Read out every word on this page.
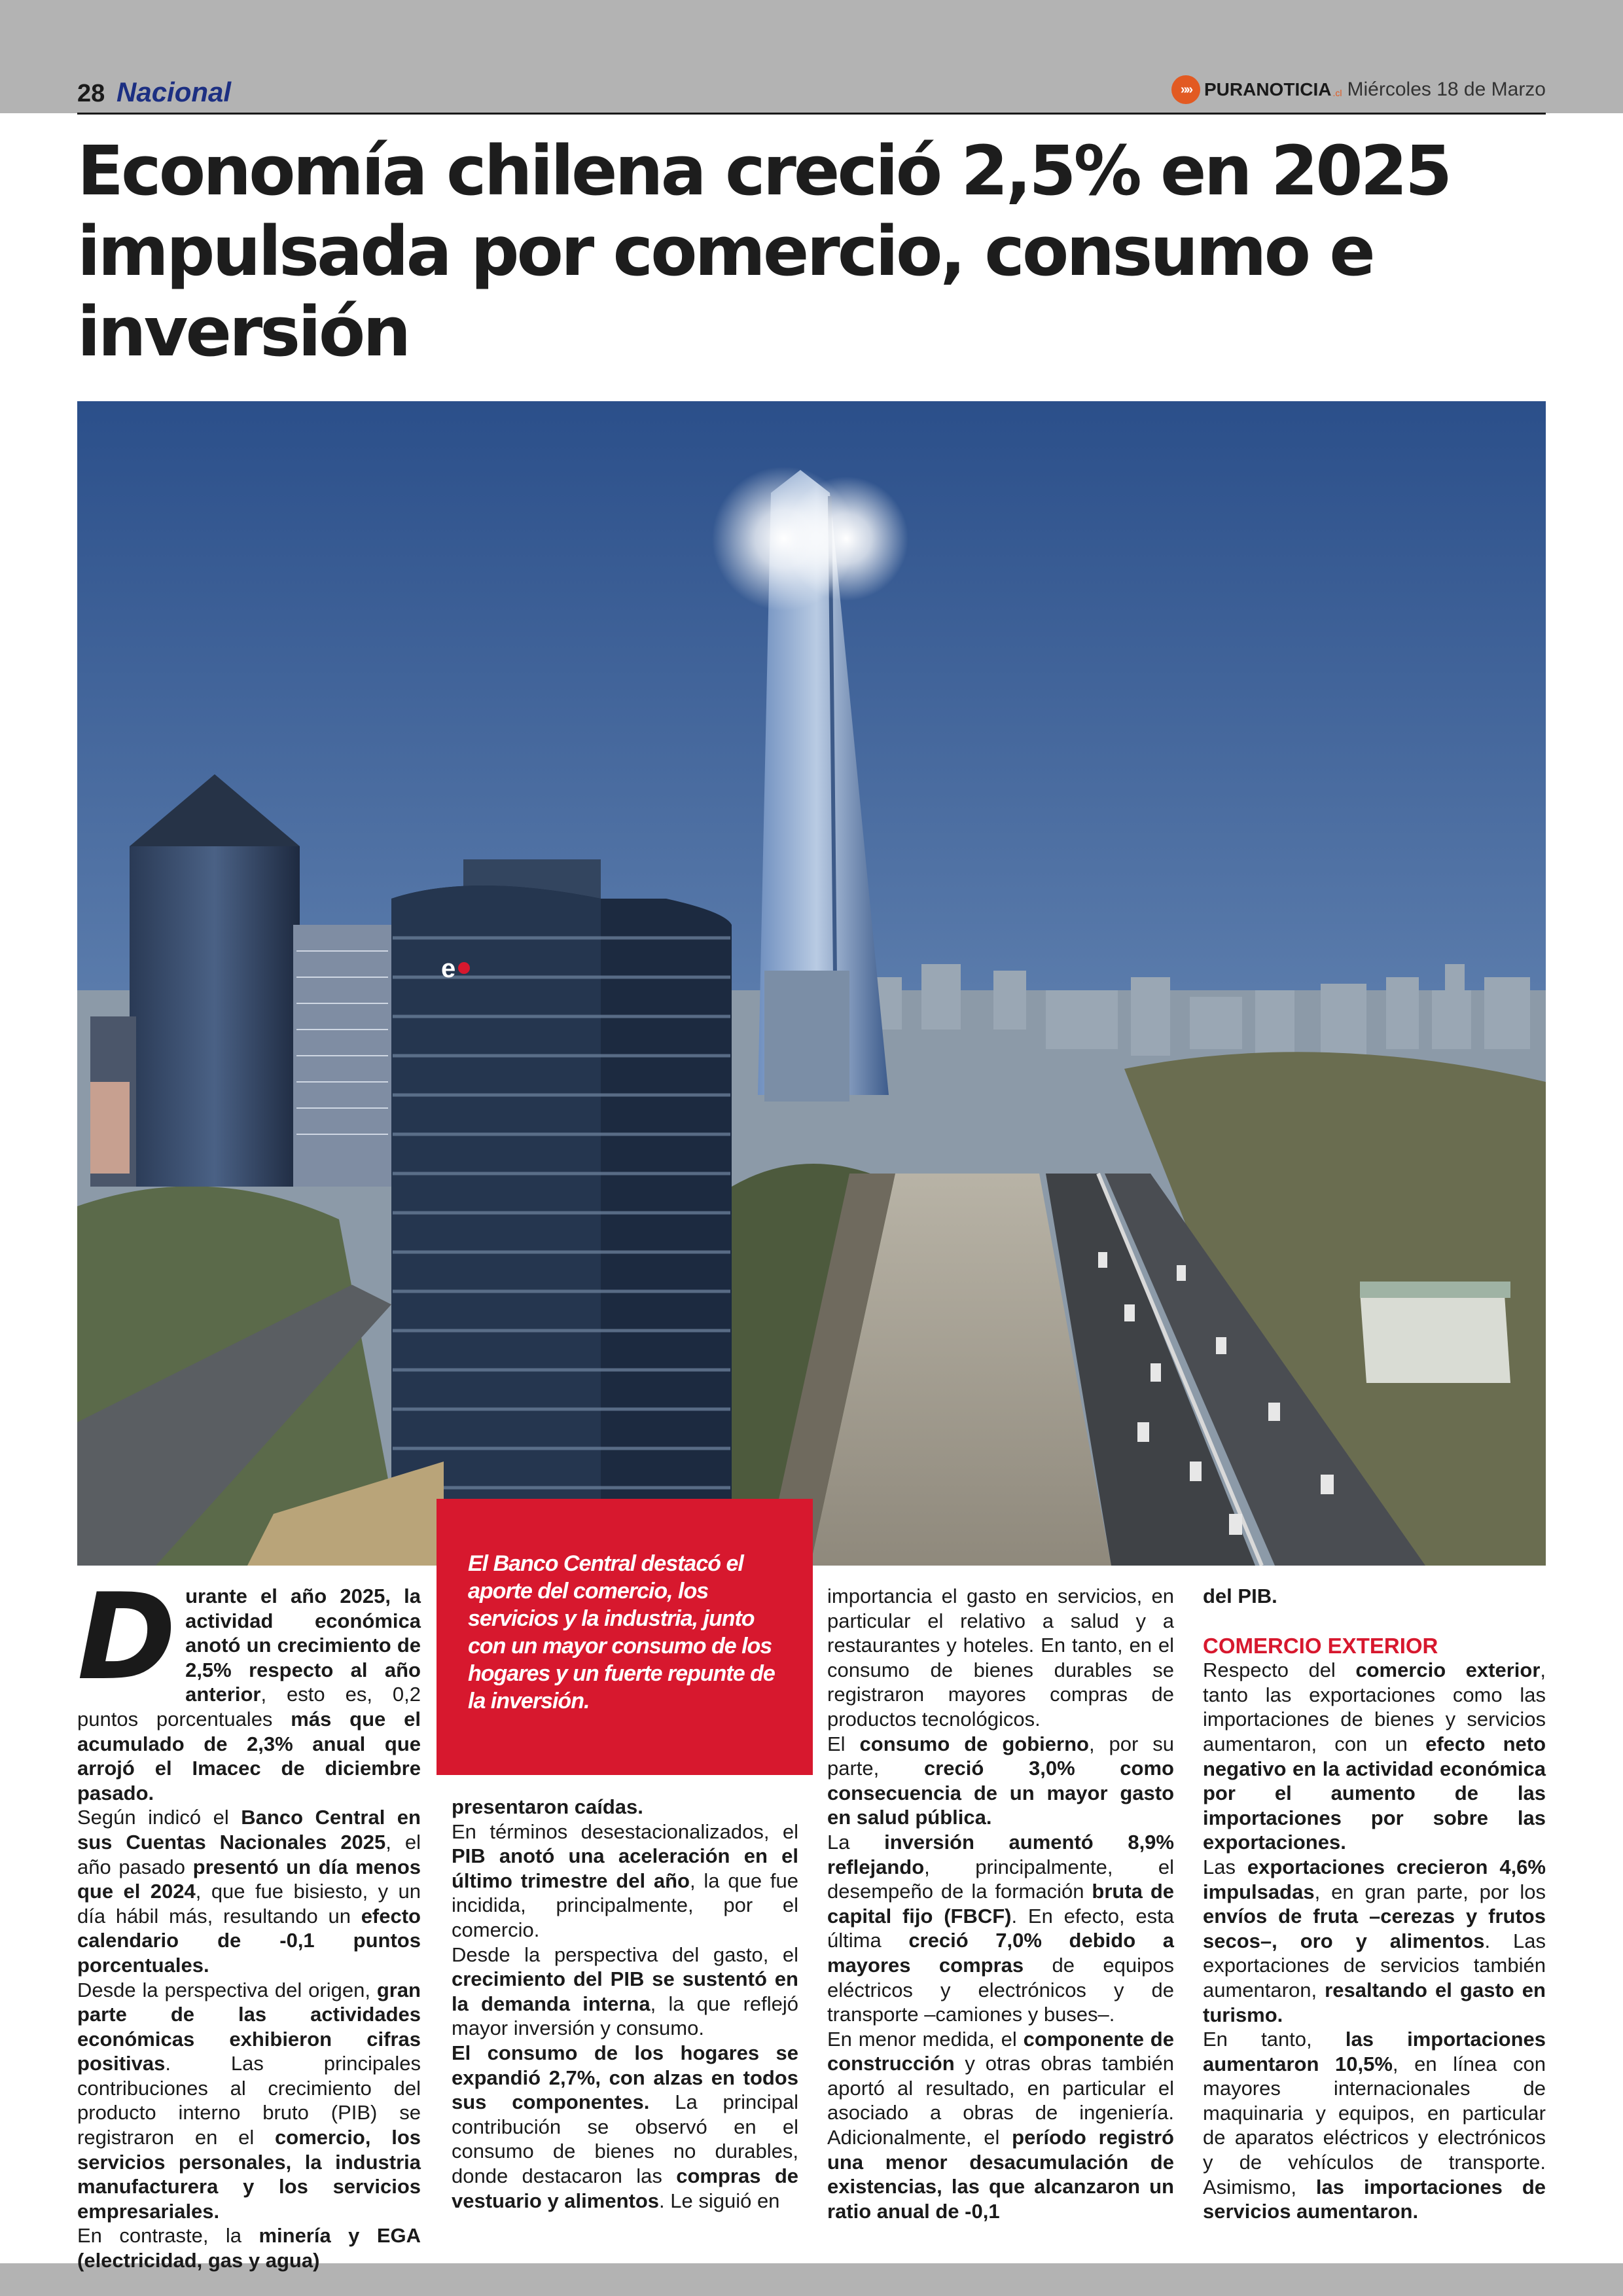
28 Nacional	»» PURANOTICIA .cl Miércoles 18 de Marzo
Economía chilena creció 2,5% en 2025 impulsada por comercio, consumo e inversión
e

El Banco Central destacó el aporte del comercio, los servicios y la industria, junto con un mayor consumo de los hogares y un fuerte repunte de la inversión.

D urante el año 2025, la actividad económica anotó un crecimiento de 2,5% respecto al año anterior, esto es, 0,2 puntos porcentuales más que el acumulado de 2,3% anual que arrojó el Imacec de diciembre pasado.

Según indicó el Banco Central en sus Cuentas Nacionales 2025, el año pasado presentó un día menos que el 2024, que fue bisiesto, y un día hábil más, resultando un efecto calendario de -0,1 puntos porcentuales.

Desde la perspectiva del origen, gran parte de las actividades económicas exhibieron cifras positivas. Las principales contribuciones al crecimiento del producto interno bruto (PIB) se registraron en el comercio, los servicios personales, la industria manufacturera y los servicios empresariales.

En contraste, la minería y EGA (electricidad, gas y agua)

presentaron caídas.

En términos desestacionalizados, el PIB anotó una aceleración en el último trimestre del año, la que fue incidida, principalmente, por el comercio.

Desde la perspectiva del gasto, el crecimiento del PIB se sustentó en la demanda interna, la que reflejó mayor inversión y consumo.

El consumo de los hogares se expandió 2,7%, con alzas en todos sus componentes. La principal contribución se observó en el consumo de bienes no durables, donde destacaron las compras de vestuario y alimentos. Le siguió en

importancia el gasto en servicios, en particular el relativo a salud y a restaurantes y hoteles. En tanto, en el consumo de bienes durables se registraron mayores compras de productos tecnológicos.

El consumo de gobierno, por su parte, creció 3,0% como consecuencia de un mayor gasto en salud pública.

La inversión aumentó 8,9% reflejando, principalmente, el desempeño de la formación bruta de capital fijo (FBCF). En efecto, esta última creció 7,0% debido a mayores compras de equipos eléctricos y electrónicos y de transporte –camiones y buses–.

En menor medida, el componente de construcción y otras obras también aportó al resultado, en particular el asociado a obras de ingeniería. Adicionalmente, el período registró una menor desacumulación de existencias, las que alcanzaron un ratio anual de -0,1

del PIB.

COMERCIO EXTERIOR

Respecto del comercio exterior, tanto las exportaciones como las importaciones de bienes y servicios aumentaron, con un efecto neto negativo en la actividad económica por el aumento de las importaciones por sobre las exportaciones.

Las exportaciones crecieron 4,6% impulsadas, en gran parte, por los envíos de fruta –cerezas y frutos secos–, oro y alimentos. Las exportaciones de servicios también aumentaron, resaltando el gasto en turismo.

En tanto, las importaciones aumentaron 10,5%, en línea con mayores internacionales de maquinaria y equipos, en particular de aparatos eléctricos y electrónicos y de vehículos de transporte. Asimismo, las importaciones de servicios aumentaron.
